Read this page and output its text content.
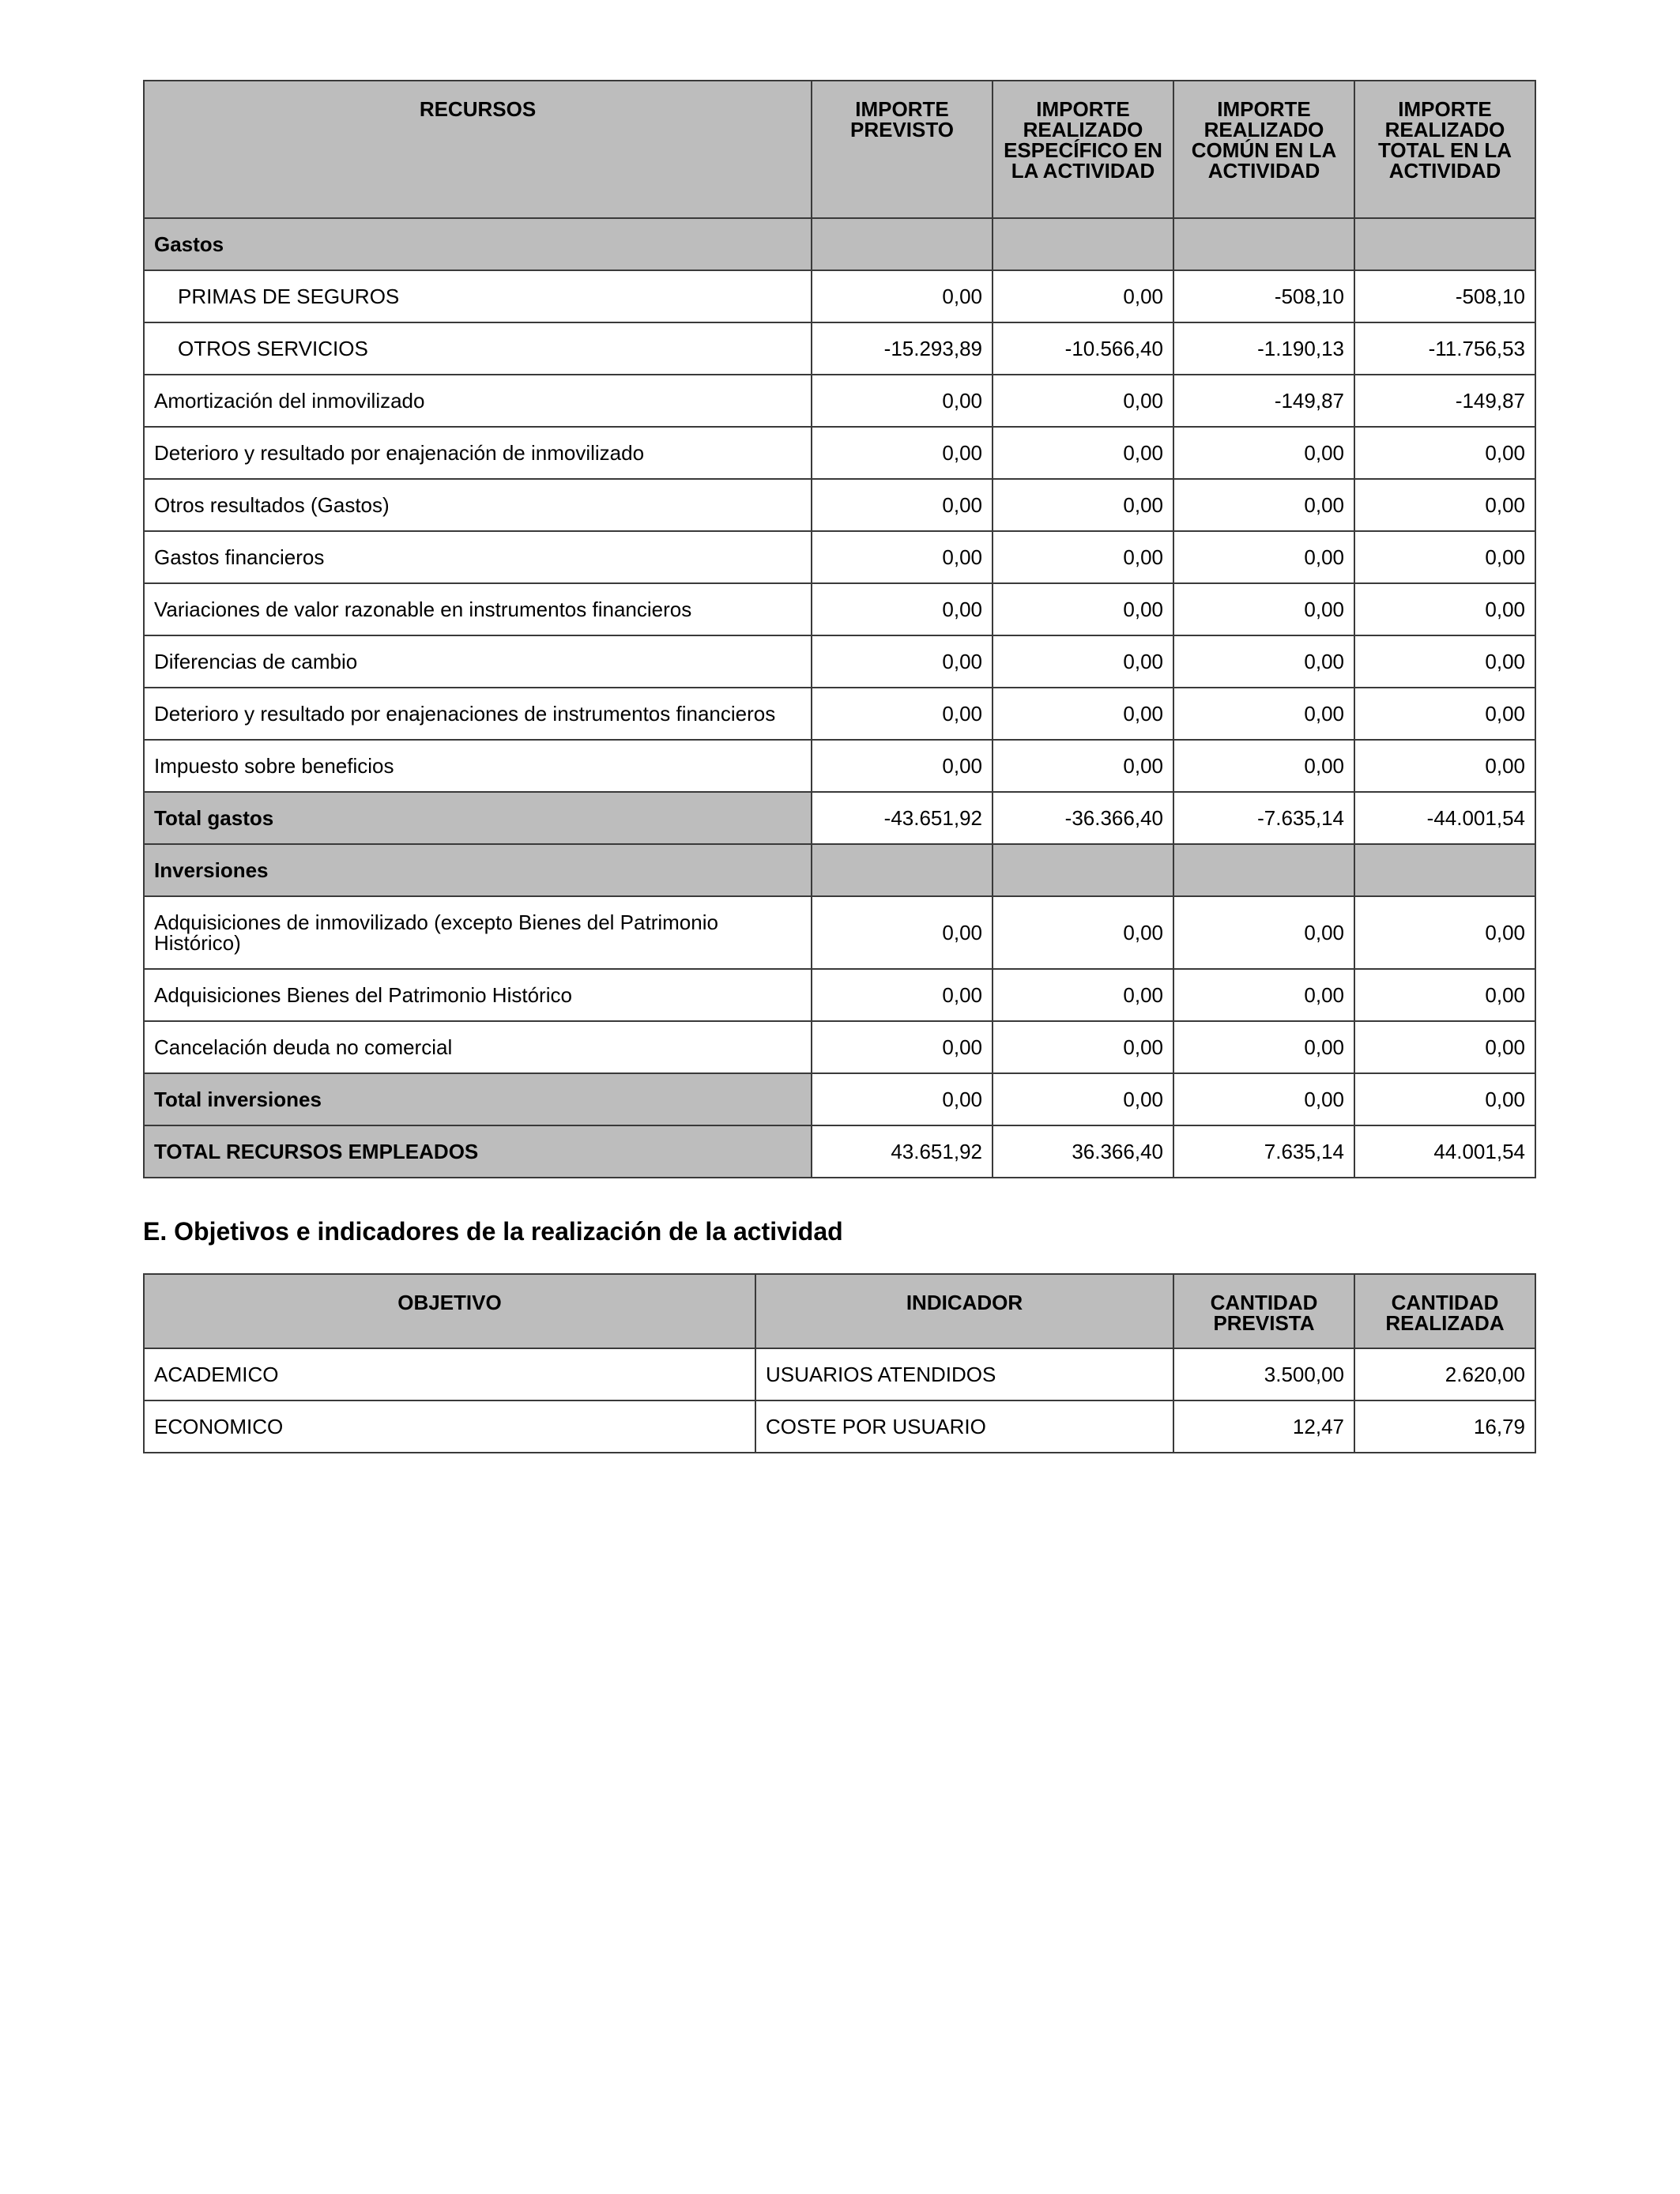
RECURSOS	IMPORTE PREVISTO	IMPORTE REALIZADO ESPECÍFICO EN LA ACTIVIDAD	IMPORTE REALIZADO COMÚN EN LA ACTIVIDAD	IMPORTE REALIZADO TOTAL EN LA ACTIVIDAD
Gastos				
PRIMAS DE SEGUROS	0,00	0,00	-508,10	-508,10
OTROS SERVICIOS	-15.293,89	-10.566,40	-1.190,13	-11.756,53
Amortización del inmovilizado	0,00	0,00	-149,87	-149,87
Deterioro y resultado por enajenación de inmovilizado	0,00	0,00	0,00	0,00
Otros resultados (Gastos)	0,00	0,00	0,00	0,00
Gastos financieros	0,00	0,00	0,00	0,00
Variaciones de valor razonable en instrumentos financieros	0,00	0,00	0,00	0,00
Diferencias de cambio	0,00	0,00	0,00	0,00
Deterioro y resultado por enajenaciones de instrumentos financieros	0,00	0,00	0,00	0,00
Impuesto sobre beneficios	0,00	0,00	0,00	0,00
Total gastos	-43.651,92	-36.366,40	-7.635,14	-44.001,54
Inversiones				
Adquisiciones de inmovilizado (excepto Bienes del Patrimonio Histórico)	0,00	0,00	0,00	0,00
Adquisiciones Bienes del Patrimonio Histórico	0,00	0,00	0,00	0,00
Cancelación deuda no comercial	0,00	0,00	0,00	0,00
Total inversiones	0,00	0,00	0,00	0,00
TOTAL RECURSOS EMPLEADOS	43.651,92	36.366,40	7.635,14	44.001,54
E. Objetivos e indicadores de la realización de la actividad
OBJETIVO	INDICADOR	CANTIDAD PREVISTA	CANTIDAD REALIZADA
ACADEMICO	USUARIOS ATENDIDOS	3.500,00	2.620,00
ECONOMICO	COSTE POR USUARIO	12,47	16,79
